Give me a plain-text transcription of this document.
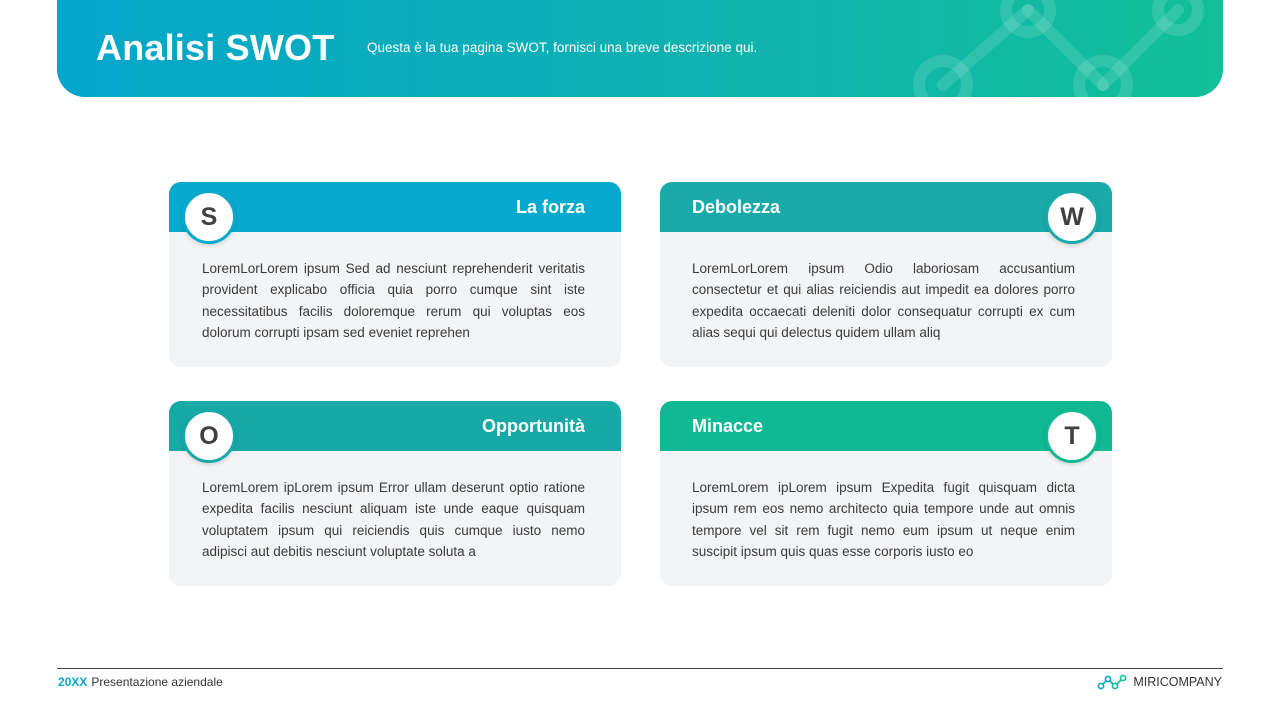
Analisi SWOT Questa è la tua pagina SWOT, fornisci una breve descrizione qui.
La forza
S
LoremLorLorem ipsum Sed ad nesciunt reprehenderit veritatis provident explicabo officia quia porro cumque sint iste necessitatibus facilis doloremque rerum qui voluptas eos dolorum corrupti ipsam sed eveniet reprehen
Debolezza	W
LoremLorLorem ipsum Odio laboriosam accusantium consectetur et qui alias reiciendis aut impedit ea dolores porro expedita occaecati deleniti dolor consequatur corrupti ex cum alias sequi qui delectus quidem ullam aliq
Opportunità
O
LoremLorem ipLorem ipsum Error ullam deserunt optio ratione expedita facilis nesciunt aliquam iste unde eaque quisquam voluptatem ipsum qui reiciendis quis cumque iusto nemo adipisci aut debitis nesciunt voluptate soluta a
Minacce	T
LoremLorem ipLorem ipsum Expedita fugit quisquam dicta ipsum rem eos nemo architecto quia tempore unde aut omnis tempore vel sit rem fugit nemo eum ipsum ut neque enim suscipit ipsum quis quas esse corporis iusto eo
20XX Presentazione aziendale	MIRICOMPANY
